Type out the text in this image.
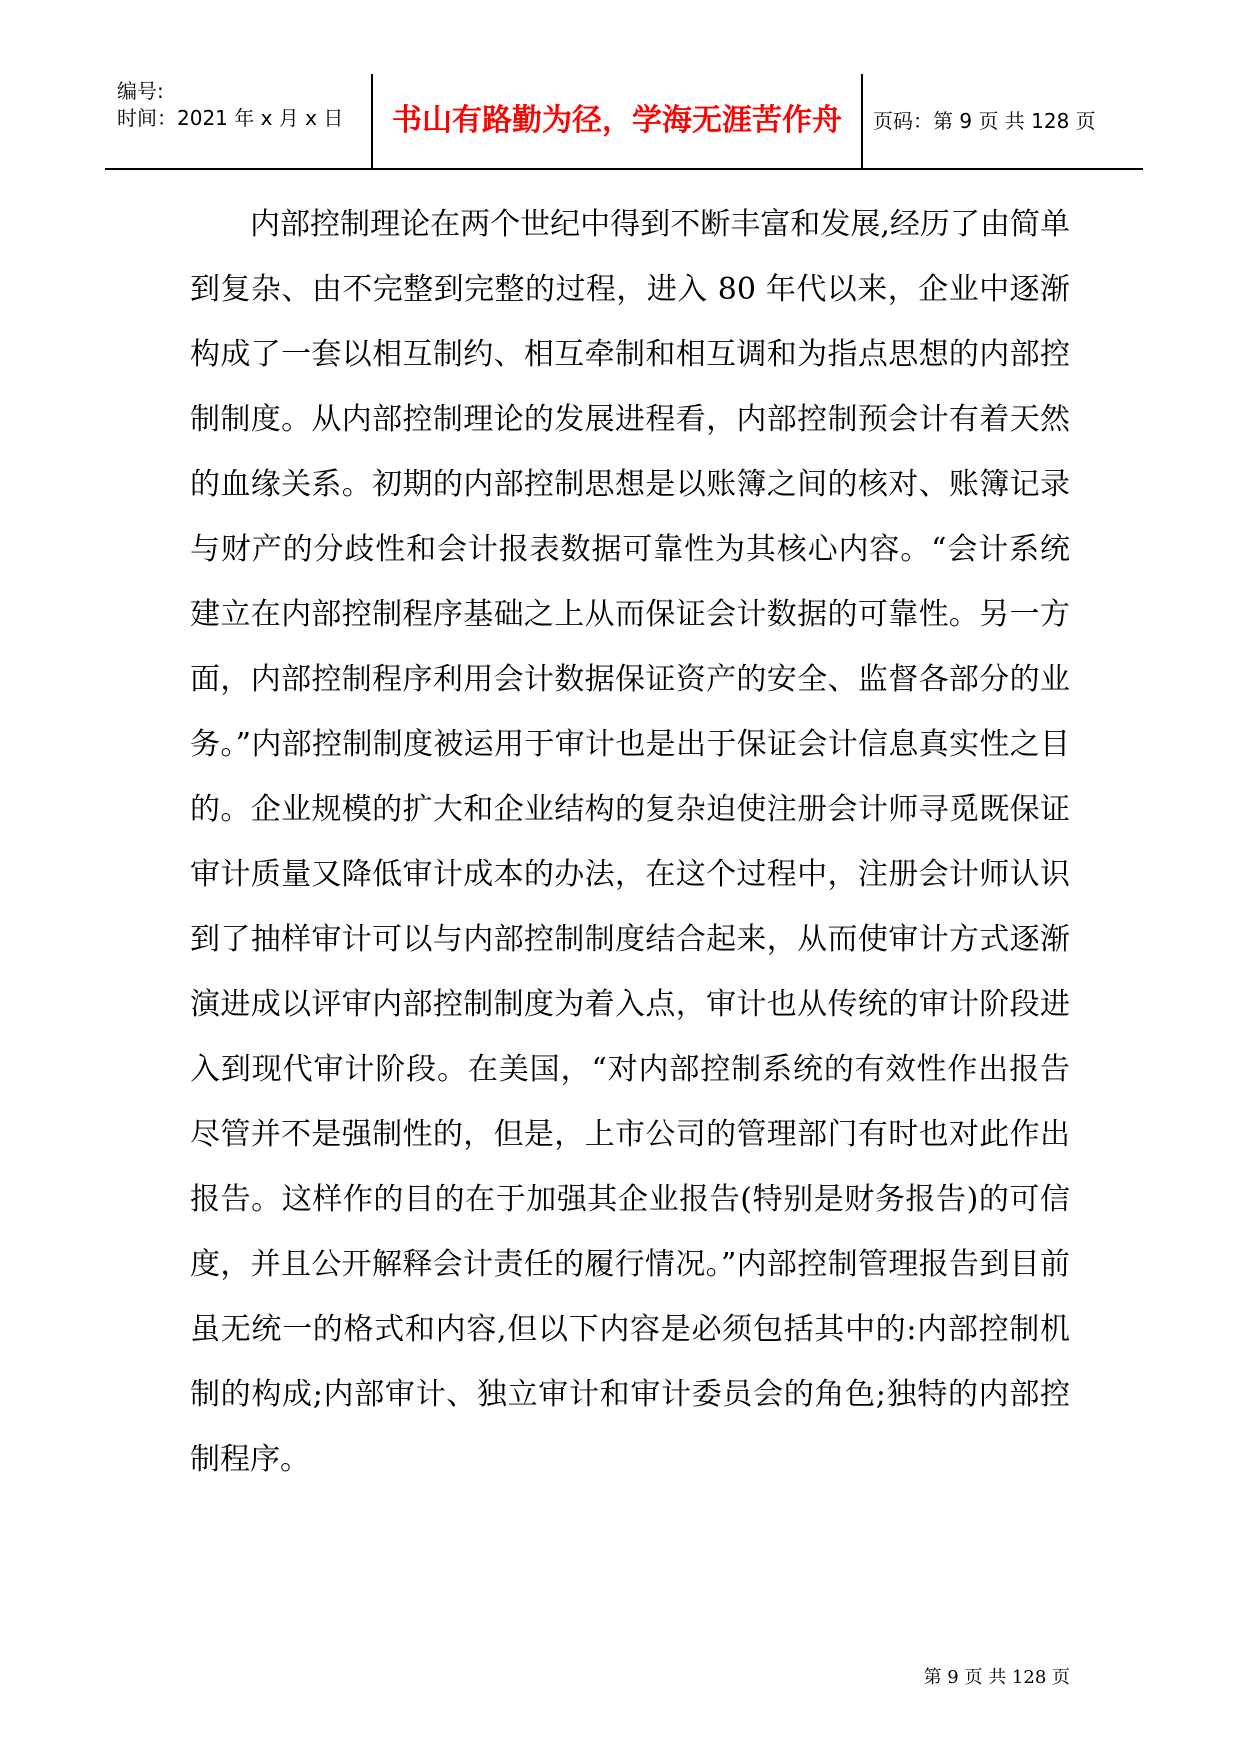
编号:
时间：2021 年 x 月 x 日	书山有路勤为径，学海无涯苦作舟	页码：第 9 页 共 128 页

内部控制理论在两个世纪中得到不断丰富和发展,经历了由简单到复杂、由不完整到完整的过程，进入 80 年代以来，企业中逐渐构成了一套以相互制约、相互牵制和相互调和为指点思想的内部控制制度。从内部控制理论的发展进程看，内部控制预会计有着天然的血缘关系。初期的内部控制思想是以账簿之间的核对、账簿记录与财产的分歧性和会计报表数据可靠性为其核心内容。“会计系统建立在内部控制程序基础之上从而保证会计数据的可靠性。另一方面，内部控制程序利用会计数据保证资产的安全、监督各部分的业务。”内部控制制度被运用于审计也是出于保证会计信息真实性之目的。企业规模的扩大和企业结构的复杂迫使注册会计师寻觅既保证审计质量又降低审计成本的办法，在这个过程中，注册会计师认识到了抽样审计可以与内部控制制度结合起来，从而使审计方式逐渐演进成以评审内部控制制度为着入点，审计也从传统的审计阶段进入到现代审计阶段。在美国，“对内部控制系统的有效性作出报告尽管并不是强制性的，但是，上市公司的管理部门有时也对此作出报告。这样作的目的在于加强其企业报告(特别是财务报告)的可信度，并且公开解释会计责任的履行情况。”内部控制管理报告到目前虽无统一的格式和内容,但以下内容是必须包括其中的:内部控制机制的构成;内部审计、独立审计和审计委员会的角色;独特的内部控制程序。

第 9 页 共 128 页
